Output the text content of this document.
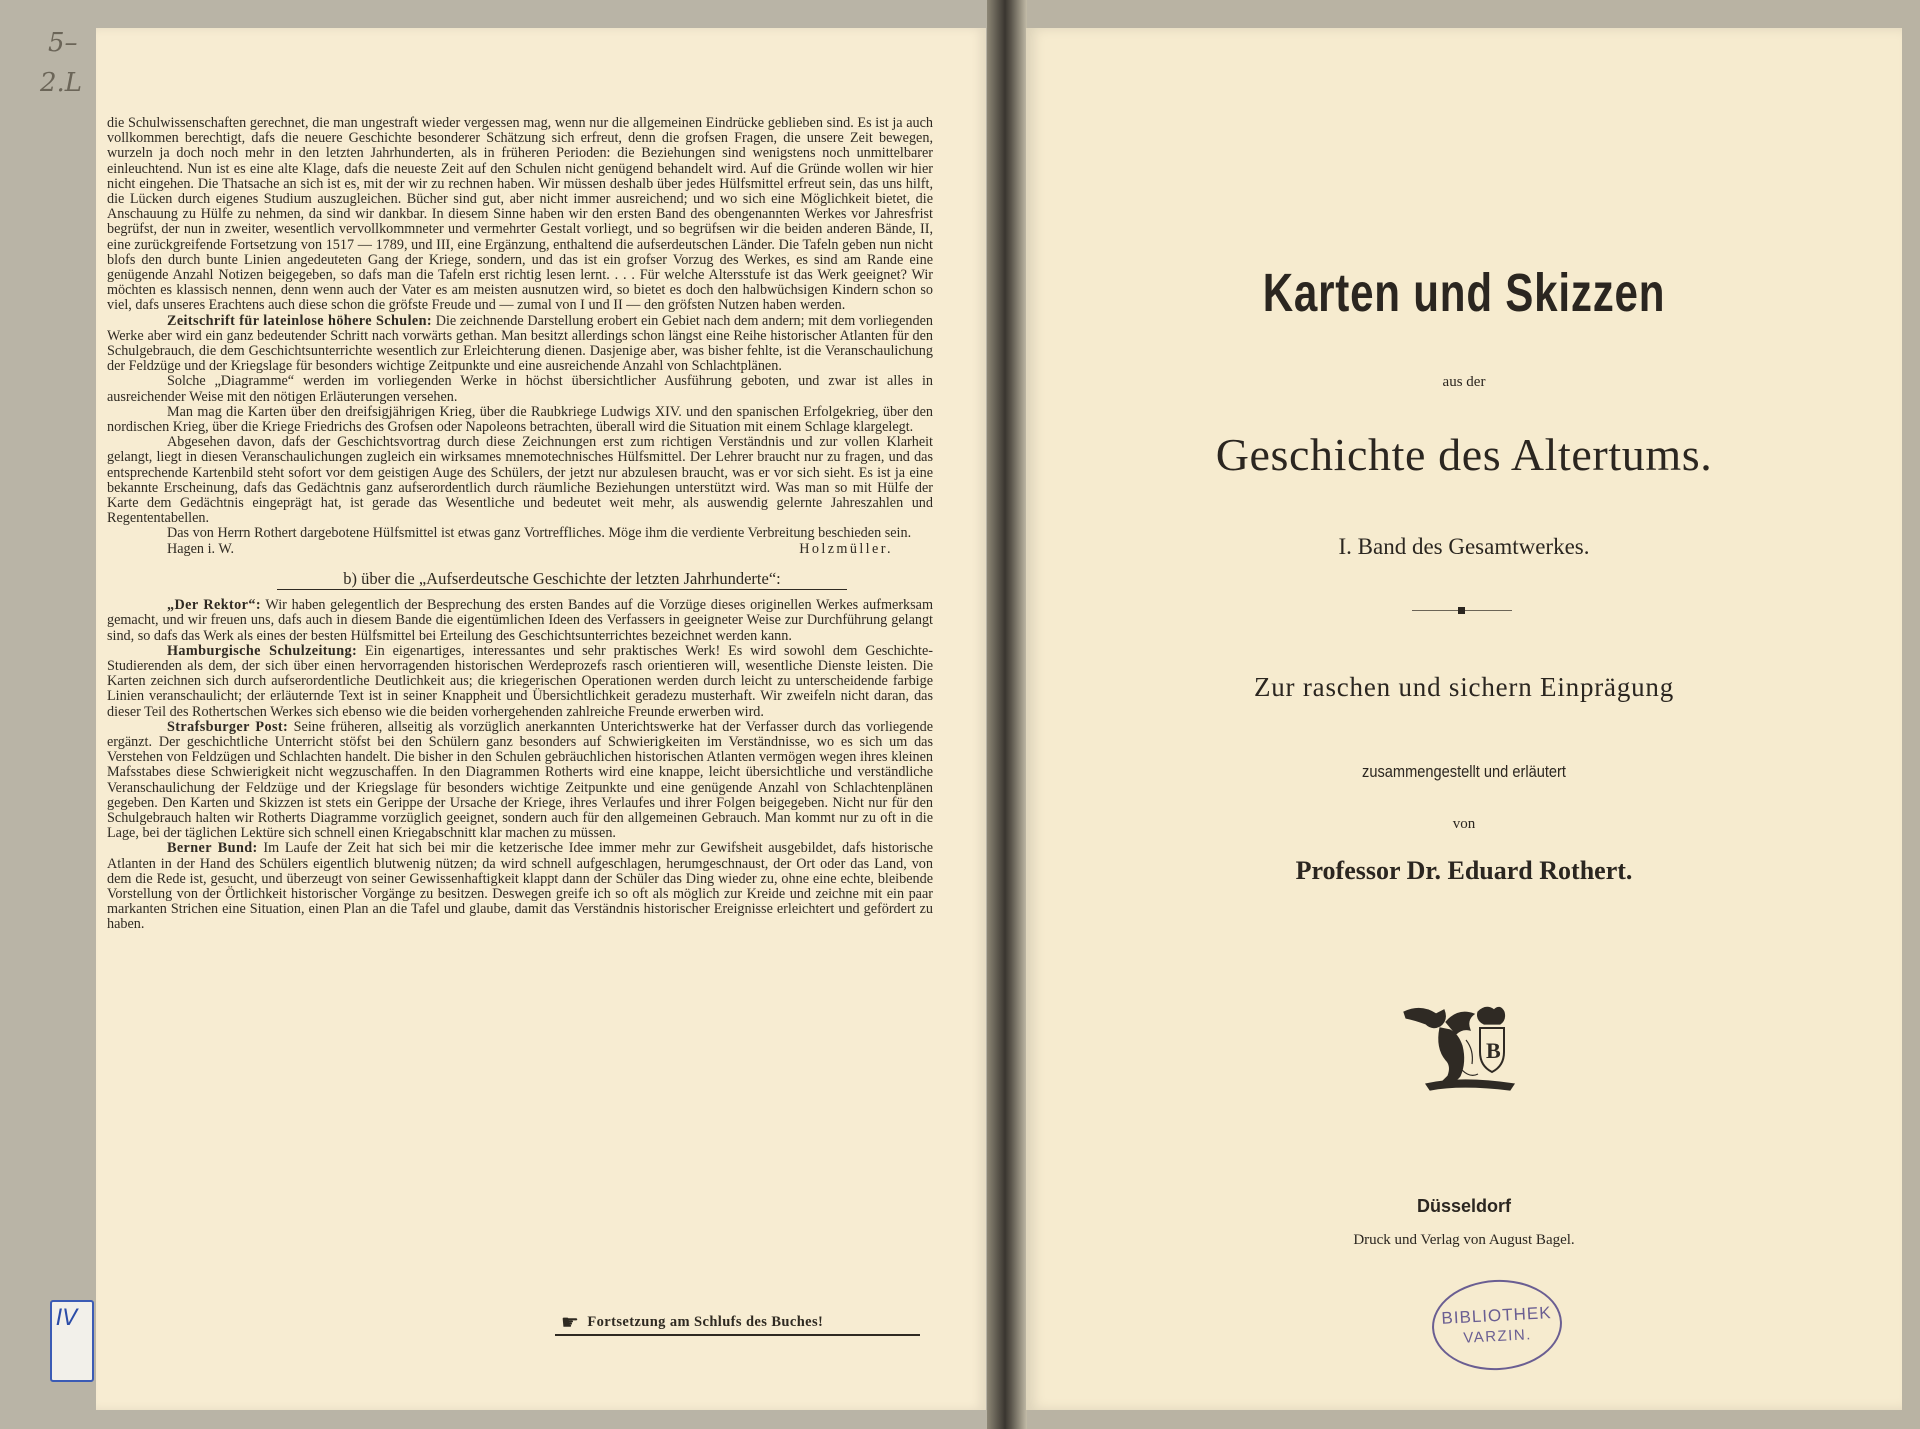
5–
2.L
IV

die Schulwissenschaften gerechnet, die man ungestraft wieder vergessen mag, wenn nur die allgemeinen Eindrücke geblieben sind. Es ist ja auch vollkommen berechtigt, dafs die neuere Geschichte besonderer Schätzung sich erfreut, denn die grofsen Fragen, die unsere Zeit bewegen, wurzeln ja doch noch mehr in den letzten Jahrhunderten, als in früheren Perioden: die Beziehungen sind wenigstens noch unmittelbarer einleuchtend. Nun ist es eine alte Klage, dafs die neueste Zeit auf den Schulen nicht genügend behandelt wird. Auf die Gründe wollen wir hier nicht eingehen. Die Thatsache an sich ist es, mit der wir zu rechnen haben. Wir müssen deshalb über jedes Hülfsmittel erfreut sein, das uns hilft, die Lücken durch eigenes Studium auszugleichen. Bücher sind gut, aber nicht immer ausreichend; und wo sich eine Möglichkeit bietet, die Anschauung zu Hülfe zu nehmen, da sind wir dankbar. In diesem Sinne haben wir den ersten Band des obengenannten Werkes vor Jahresfrist begrüfst, der nun in zweiter, wesentlich vervollkommneter und vermehrter Gestalt vorliegt, und so begrüfsen wir die beiden anderen Bände, II, eine zurückgreifende Fortsetzung von 1517 — 1789, und III, eine Ergänzung, enthaltend die aufserdeutschen Länder. Die Tafeln geben nun nicht blofs den durch bunte Linien angedeuteten Gang der Kriege, sondern, und das ist ein grofser Vorzug des Werkes, es sind am Rande eine genügende Anzahl Notizen beigegeben, so dafs man die Tafeln erst richtig lesen lernt. . . . Für welche Altersstufe ist das Werk geeignet? Wir möchten es klassisch nennen, denn wenn auch der Vater es am meisten ausnutzen wird, so bietet es doch den halbwüchsigen Kindern schon so viel, dafs unseres Erachtens auch diese schon die gröfste Freude und — zumal von I und II — den gröfsten Nutzen haben werden.

Zeitschrift für lateinlose höhere Schulen: Die zeichnende Darstellung erobert ein Gebiet nach dem andern; mit dem vorliegenden Werke aber wird ein ganz bedeutender Schritt nach vorwärts gethan. Man besitzt allerdings schon längst eine Reihe historischer Atlanten für den Schulgebrauch, die dem Geschichtsunterrichte wesentlich zur Erleichterung dienen. Dasjenige aber, was bisher fehlte, ist die Veranschaulichung der Feldzüge und der Kriegslage für besonders wichtige Zeitpunkte und eine ausreichende Anzahl von Schlachtplänen.

Solche „Diagramme“ werden im vorliegenden Werke in höchst übersichtlicher Ausführung geboten, und zwar ist alles in ausreichender Weise mit den nötigen Erläuterungen versehen.

Man mag die Karten über den dreifsigjährigen Krieg, über die Raubkriege Ludwigs XIV. und den spanischen Erfolgekrieg, über den nordischen Krieg, über die Kriege Friedrichs des Grofsen oder Napoleons betrachten, überall wird die Situation mit einem Schlage klargelegt.

Abgesehen davon, dafs der Geschichtsvortrag durch diese Zeichnungen erst zum richtigen Verständnis und zur vollen Klarheit gelangt, liegt in diesen Veranschaulichungen zugleich ein wirksames mnemotechnisches Hülfsmittel. Der Lehrer braucht nur zu fragen, und das entsprechende Kartenbild steht sofort vor dem geistigen Auge des Schülers, der jetzt nur abzulesen braucht, was er vor sich sieht. Es ist ja eine bekannte Erscheinung, dafs das Gedächtnis ganz aufserordentlich durch räumliche Beziehungen unterstützt wird. Was man so mit Hülfe der Karte dem Gedächtnis eingeprägt hat, ist gerade das Wesentliche und bedeutet weit mehr, als auswendig gelernte Jahreszahlen und Regententabellen.

Das von Herrn Rothert dargebotene Hülfsmittel ist etwas ganz Vortreffliches. Möge ihm die verdiente Verbreitung beschieden sein.

Hagen i. W.	Holzmüller.
b) über die „Aufserdeutsche Geschichte der letzten Jahrhunderte“:

„Der Rektor“: Wir haben gelegentlich der Besprechung des ersten Bandes auf die Vorzüge dieses originellen Werkes aufmerksam gemacht, und wir freuen uns, dafs auch in diesem Bande die eigentümlichen Ideen des Verfassers in geeigneter Weise zur Durchführung gelangt sind, so dafs das Werk als eines der besten Hülfsmittel bei Erteilung des Geschichtsunterrichtes bezeichnet werden kann.

Hamburgische Schulzeitung: Ein eigenartiges, interessantes und sehr praktisches Werk! Es wird sowohl dem Geschichte-Studierenden als dem, der sich über einen hervorragenden historischen Werdeprozefs rasch orientieren will, wesentliche Dienste leisten. Die Karten zeichnen sich durch aufserordentliche Deutlichkeit aus; die kriegerischen Operationen werden durch leicht zu unterscheidende farbige Linien veranschaulicht; der erläuternde Text ist in seiner Knappheit und Übersichtlichkeit geradezu musterhaft. Wir zweifeln nicht daran, das dieser Teil des Rothertschen Werkes sich ebenso wie die beiden vorhergehenden zahlreiche Freunde erwerben wird.

Strafsburger Post: Seine früheren, allseitig als vorzüglich anerkannten Unterichtswerke hat der Verfasser durch das vorliegende ergänzt. Der geschichtliche Unterricht stöfst bei den Schülern ganz besonders auf Schwierigkeiten im Verständnisse, wo es sich um das Verstehen von Feldzügen und Schlachten handelt. Die bisher in den Schulen gebräuchlichen historischen Atlanten vermögen wegen ihres kleinen Mafsstabes diese Schwierigkeit nicht wegzuschaffen. In den Diagrammen Rotherts wird eine knappe, leicht übersichtliche und verständliche Veranschaulichung der Feldzüge und der Kriegslage für besonders wichtige Zeitpunkte und eine genügende Anzahl von Schlachtenplänen gegeben. Den Karten und Skizzen ist stets ein Gerippe der Ursache der Kriege, ihres Verlaufes und ihrer Folgen beigegeben. Nicht nur für den Schulgebrauch halten wir Rotherts Diagramme vorzüglich geeignet, sondern auch für den allgemeinen Gebrauch. Man kommt nur zu oft in die Lage, bei der täglichen Lektüre sich schnell einen Kriegabschnitt klar machen zu müssen.

Berner Bund: Im Laufe der Zeit hat sich bei mir die ketzerische Idee immer mehr zur Gewifsheit ausgebildet, dafs historische Atlanten in der Hand des Schülers eigentlich blutwenig nützen; da wird schnell aufgeschlagen, herumgeschnaust, der Ort oder das Land, von dem die Rede ist, gesucht, und überzeugt von seiner Gewissenhaftigkeit klappt dann der Schüler das Ding wieder zu, ohne eine echte, bleibende Vorstellung von der Örtlichkeit historischer Vorgänge zu besitzen. Deswegen greife ich so oft als möglich zur Kreide und zeichne mit ein paar markanten Strichen eine Situation, einen Plan an die Tafel und glaube, damit das Verständnis historischer Ereignisse erleichtert und gefördert zu haben.

☛ Fortsetzung am Schlufs des Buches!
Karten und Skizzen
aus der
Geschichte des Altertums.
I. Band des Gesamtwerkes.
Zur raschen und sichern Einprägung
zusammengestellt und erläutert
von
Professor Dr. Eduard Rothert.
B
Düsseldorf
Druck und Verlag von August Bagel.
BIBLIOTHEK
VARZIN.
